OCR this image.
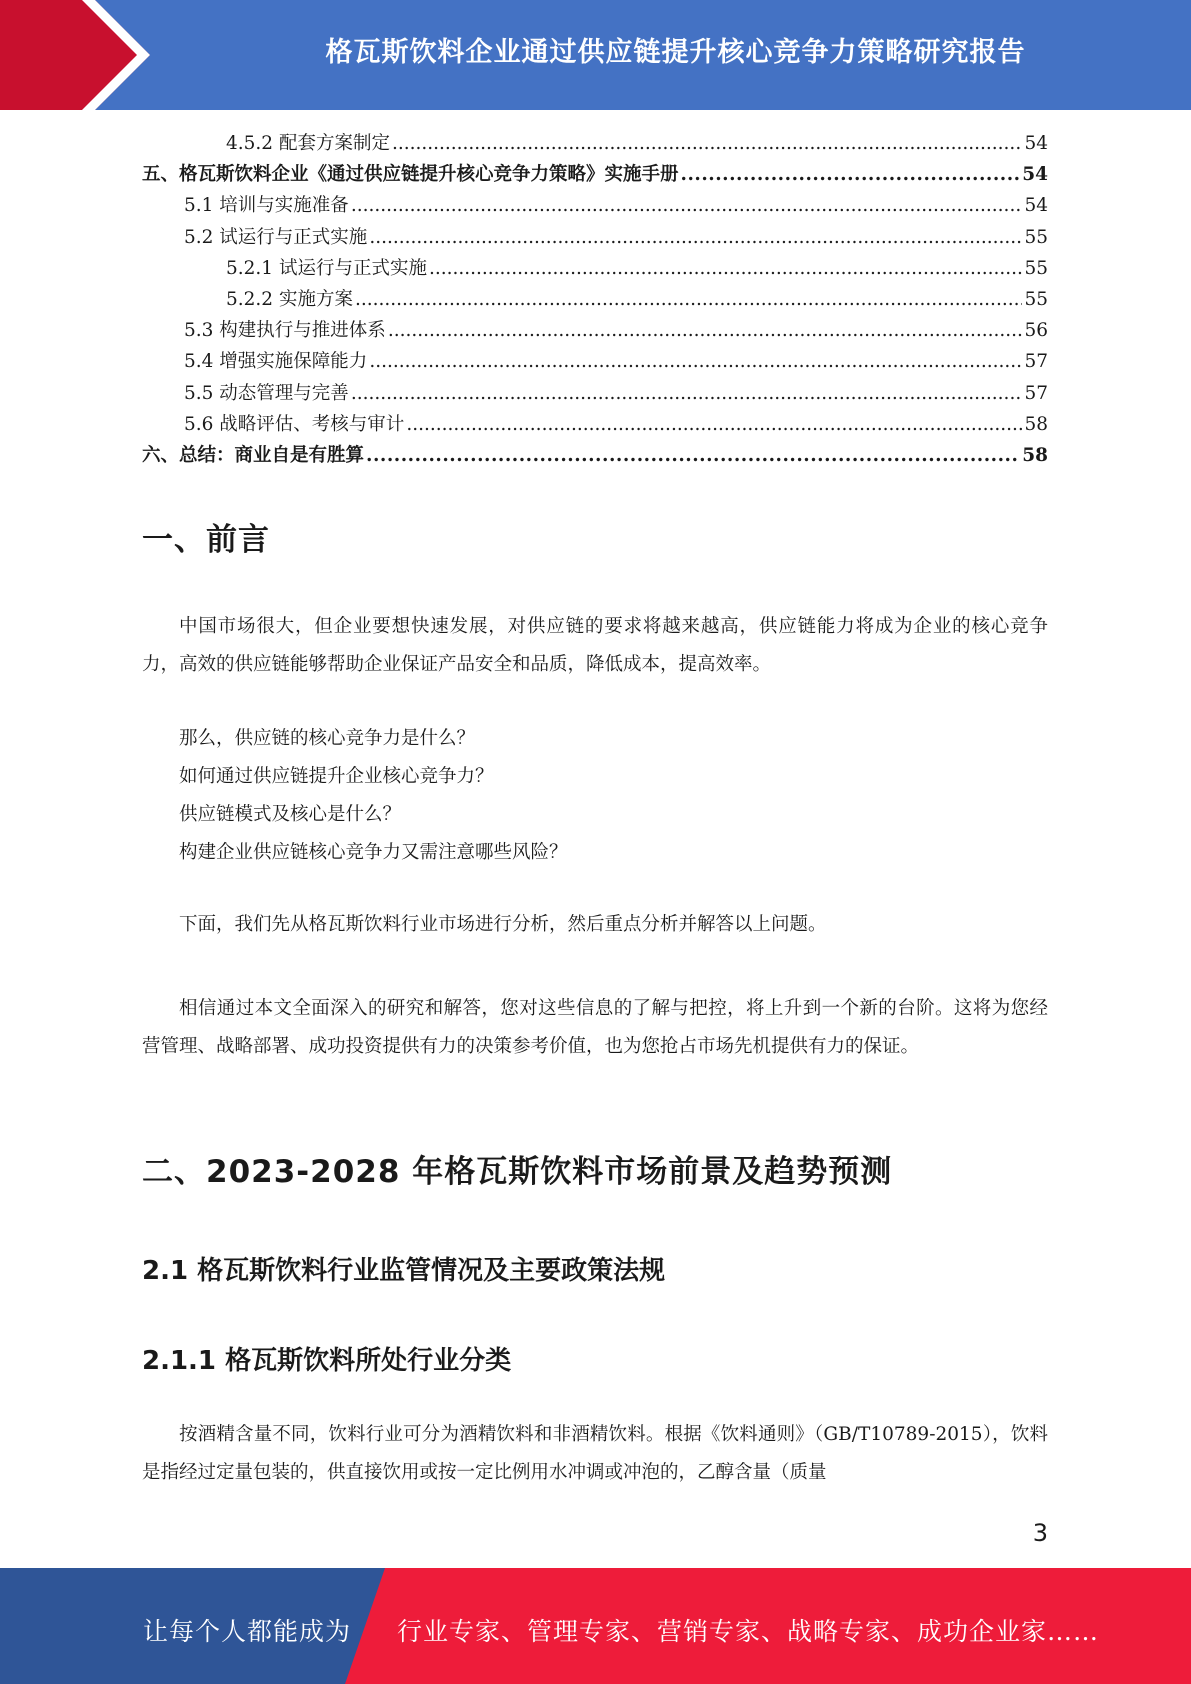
格瓦斯饮料企业通过供应链提升核心竞争力策略研究报告
4.5.2 配套方案制定 .....	54
五、格瓦斯饮料企业《通过供应链提升核心竞争力策略》实施手册 .....	54
5.1 培训与实施准备 .....	54
5.2 试运行与正式实施 .....	55
5.2.1 试运行与正式实施 .....	55
5.2.2 实施方案 .....	55
5.3 构建执行与推进体系 .....	56
5.4 增强实施保障能力 .....	57
5.5 动态管理与完善 .....	57
5.6 战略评估、考核与审计 .....	58
六、总结：商业自是有胜算 .....	58
一、前言

中国市场很大，但企业要想快速发展，对供应链的要求将越来越高，供应链能力将成为企业的核心竞争力，高效的供应链能够帮助企业保证产品安全和品质，降低成本，提高效率。

那么，供应链的核心竞争力是什么？

如何通过供应链提升企业核心竞争力？

供应链模式及核心是什么？

构建企业供应链核心竞争力又需注意哪些风险？

下面，我们先从格瓦斯饮料行业市场进行分析，然后重点分析并解答以上问题。

相信通过本文全面深入的研究和解答，您对这些信息的了解与把控，将上升到一个新的台阶。这将为您经营管理、战略部署、成功投资提供有力的决策参考价值，也为您抢占市场先机提供有力的保证。

二、2023-2028 年格瓦斯饮料市场前景及趋势预测
2.1 格瓦斯饮料行业监管情况及主要政策法规
2.1.1 格瓦斯饮料所处行业分类

按酒精含量不同，饮料行业可分为酒精饮料和非酒精饮料。根据《饮料通则》（GB/T10789-2015），饮料是指经过定量包装的，供直接饮用或按一定比例用水冲调或冲泡的，乙醇含量（质量

3
让每个人都能成为 行业专家、管理专家、营销专家、战略专家、成功企业家……
